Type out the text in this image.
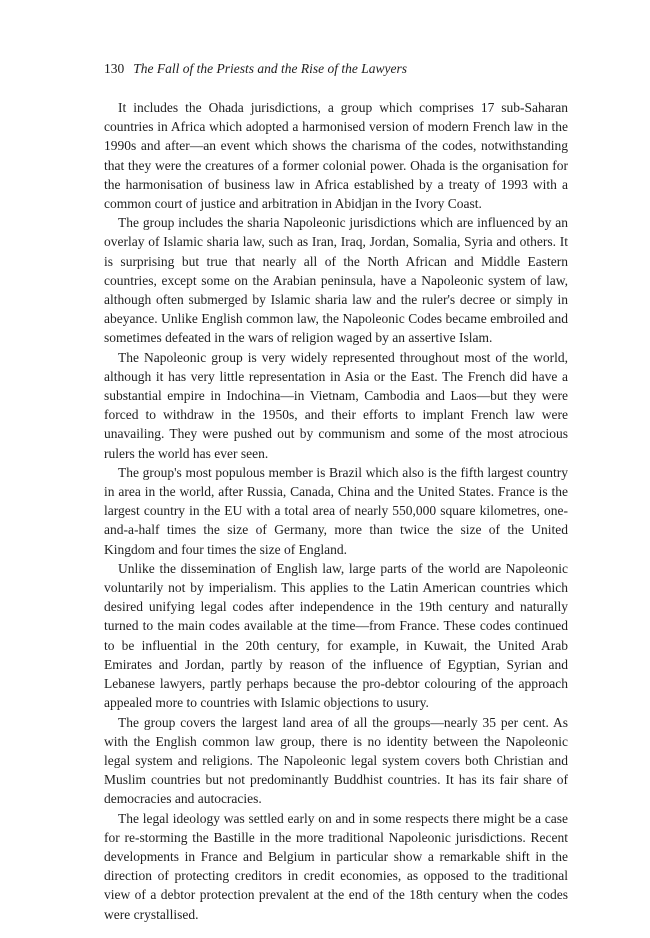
130 The Fall of the Priests and the Rise of the Lawyers

It includes the Ohada jurisdictions, a group which comprises 17 sub-Saharan countries in Africa which adopted a harmonised version of modern French law in the 1990s and after—an event which shows the charisma of the codes, notwithstanding that they were the creatures of a former colonial power. Ohada is the organisation for the harmonisation of business law in Africa established by a treaty of 1993 with a common court of justice and arbitration in Abidjan in the Ivory Coast.

The group includes the sharia Napoleonic jurisdictions which are influenced by an overlay of Islamic sharia law, such as Iran, Iraq, Jordan, Somalia, Syria and others. It is surprising but true that nearly all of the North African and Middle Eastern countries, except some on the Arabian peninsula, have a Napoleonic system of law, although often submerged by Islamic sharia law and the ruler's decree or simply in abeyance. Unlike English common law, the Napoleonic Codes became embroiled and sometimes defeated in the wars of religion waged by an assertive Islam.

The Napoleonic group is very widely represented throughout most of the world, although it has very little representation in Asia or the East. The French did have a substantial empire in Indochina—in Vietnam, Cambodia and Laos—but they were forced to withdraw in the 1950s, and their efforts to implant French law were unavailing. They were pushed out by communism and some of the most atrocious rulers the world has ever seen.

The group's most populous member is Brazil which also is the fifth largest country in area in the world, after Russia, Canada, China and the United States. France is the largest country in the EU with a total area of nearly 550,000 square kilometres, one-and-a-half times the size of Germany, more than twice the size of the United Kingdom and four times the size of England.

Unlike the dissemination of English law, large parts of the world are Napoleonic voluntarily not by imperialism. This applies to the Latin American countries which desired unifying legal codes after independence in the 19th century and naturally turned to the main codes available at the time—from France. These codes continued to be influential in the 20th century, for example, in Kuwait, the United Arab Emirates and Jordan, partly by reason of the influence of Egyptian, Syrian and Lebanese lawyers, partly perhaps because the pro-debtor colouring of the approach appealed more to countries with Islamic objections to usury.

The group covers the largest land area of all the groups—nearly 35 per cent. As with the English common law group, there is no identity between the Napoleonic legal system and religions. The Napoleonic legal system covers both Christian and Muslim countries but not predominantly Buddhist countries. It has its fair share of democracies and autocracies.

The legal ideology was settled early on and in some respects there might be a case for re-storming the Bastille in the more traditional Napoleonic jurisdictions. Recent developments in France and Belgium in particular show a remarkable shift in the direction of protecting creditors in credit economies, as opposed to the traditional view of a debtor protection prevalent at the end of the 18th century when the codes were crystallised.
